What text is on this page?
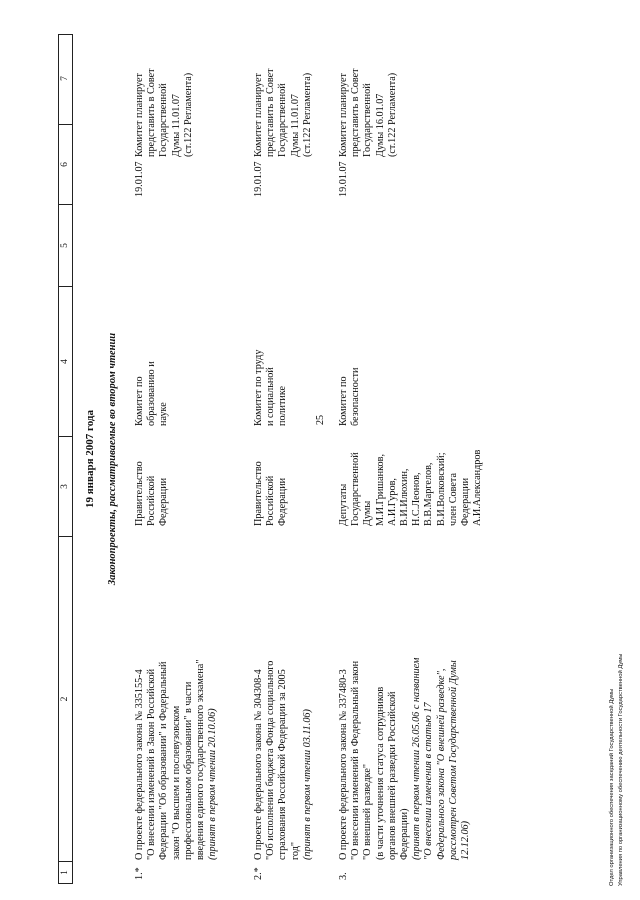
25
1
2
3
4
5
6
7
19 января 2007 года Законопроекты, рассматриваемые во втором чтении
1.*
О проекте федерального закона № 335155-4 "О внесении изменений в Закон Российской Федерации "Об образовании" и Федеральный закон "О высшем и послевузовском профессиональном образовании" в части введения единого государственного экзамена" (принят в первом чтении 20.10.06)
Правительство Российской Федерации
Комитет по образованию и науке
19.01.07
Комитет планирует представить в Совет Государственной Думы 11.01.07 (ст.122 Регламента)
2.*
О проекте федерального закона № 304308-4 "Об исполнении бюджета Фонда социального страхования Российской Федерации за 2005 год" (принят в первом чтении 03.11.06)
Правительство Российской Федерации
Комитет по труду и социальной политике
19.01.07
Комитет планирует представить в Совет Государственной Думы 11.01.07 (ст.122 Регламента)
3.
О проекте федерального закона № 337480-3 "О внесении изменений в Федеральный закон "О внешней разведке" (в части уточнения статуса сотрудников органов внешней разведки Российской Федерации) (принят в первом чтении 26.05.06 с названием "О внесении изменения в статью 17 Федерального закона "О внешней разведке", рассмотрен Советом Государственной Думы 12.12.06)
Депутаты Государственной Думы М.И.Гришанков, А.И.Гуров, В.И.Илюхин, Н.С.Леонов, В.В.Маргелов, В.И.Волковский; член Совета Федерации А.И.Александров
Комитет по безопасности
19.01.07
Комитет планирует представить в Совет Государственной Думы 16.01.07 (ст.122 Регламента)
Отдел организационного обеспечения заседаний Государственной Думы Управления по организационному обеспечению деятельности Государственной Думы
